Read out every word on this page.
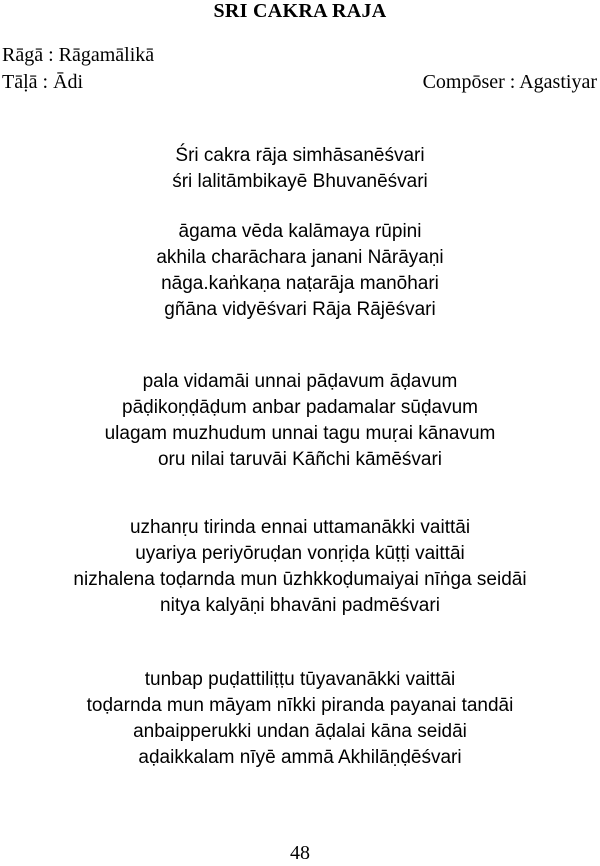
SRI CAKRA RAJA
Rāgā : Rāgamālikā
Tāḷā : Ādi	Compōser : Agastiyar
Śri cakra rāja simhāsanēśvari
śri lalitāmbikayē Bhuvanēśvari
āgama vēda kalāmaya rūpini
akhila charāchara janani Nārāyaṇi
nāga.kaṅkaṇa naṭarāja manōhari
gñāna vidyēśvari Rāja Rājēśvari
pala vidamāi unnai pāḍavum āḍavum
pāḍikoṇḍāḍum anbar padamalar sūḍavum
ulagam muzhudum unnai tagu muṛai kānavum
oru nilai taruvāi Kāñchi kāmēśvari
uzhanṛu tirinda ennai uttamanākki vaittāi
uyariya periyōruḍan vonṛiḍa kūṭṭi vaittāi
nizhalena toḍarnda mun ūzhkkoḍumaiyai nīṅga seidāi
nitya kalyāṇi bhavāni padmēśvari
tunbap puḍattiliṭṭu tūyavanākki vaittāi
toḍarnda mun māyam nīkki piranda payanai tandāi
anbaipperukki undan āḍalai kāna seidāi
aḍaikkalam nīyē ammā Akhilāṇḍēśvari
48
